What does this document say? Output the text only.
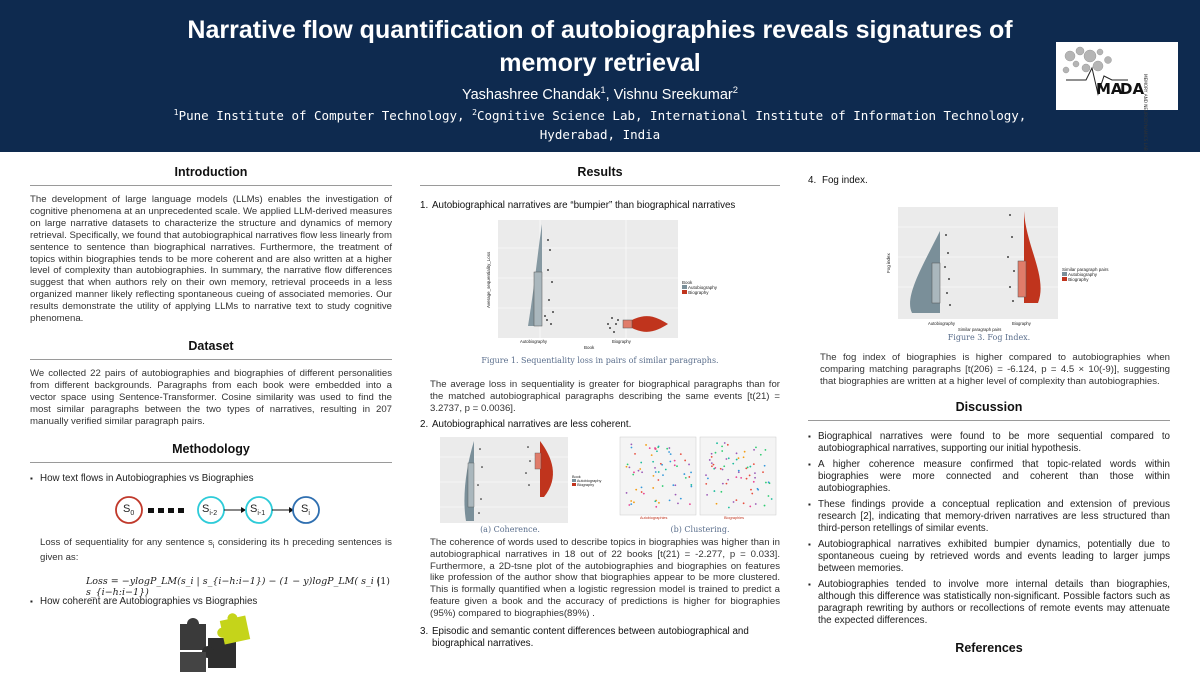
Narrative flow quantification of autobiographies reveals signatures of memory retrieval
Yashashree Chandak$^1$, Vishnu Sreekumar$^2$
$^1$Pune Institute of Computer Technology, $^2$Cognitive Science Lab, International Institute of Information Technology, Hyderabad, India
MA
DA
MEMORY AND NEURODYNAMICS LAB
Introduction
The development of large language models (LLMs) enables the investigation of cognitive phenomena at an unprecedented scale. We applied LLM-derived measures on large narrative datasets to characterize the structure and dynamics of memory retrieval. Specifically, we found that autobiographical narratives flow less linearly from sentence to sentence than biographical narratives. Furthermore, the treatment of topics within biographies tends to be more coherent and are also written at a higher level of complexity than autobiographies. In summary, the narrative flow differences suggest that when authors rely on their own memory, retrieval proceeds in a less organized manner likely reflecting spontaneous cueing of associated memories. Our results demonstrate the utility of applying LLMs to narrative text to study cognitive phenomena.
Dataset
We collected 22 pairs of autobiographies and biographies of different personalities from different backgrounds. Paragraphs from each book were embedded into a vector space using Sentence-Transformer. Cosine similarity was used to find the most similar paragraphs between the two types of narratives, resulting in 207 manually verified similar paragraph pairs.
Methodology
▪ How text flows in Autobiographies vs Biographies
$S_0$	$S_{i-2}$	$S_{i-1}$	$S_i$
Loss of sequentiality for any sentence $s_i$ considering its h preceding sentences is given as:
Loss = −ylogP_LM(s_i | s_{i−h:i−1}) − (1 − y)logP_LM( s_i | s_{i−h:i−1})
(1)
▪ How coherent are Autobiographies vs Biographies
Results
1. Autobiographical narratives are “bumpier” than biographical narratives
Average_sequentiality_Loss
Autobiography	Biography
Book
Book
Autobiography
Biography
Figure 1. Sequentiality loss in pairs of similar paragraphs.
The average loss in sequentiality is greater for biographical paragraphs than for the matched autobiographical paragraphs describing the same events [t(21) = 3.2737, p = 0.0036].
2. Autobiographical narratives are less coherent.
Book
Autobiography
Biography
Autobiographies	Biographies
(a) Coherence.	(b) Clustering.
The coherence of words used to describe topics in biographies was higher than in autobiographical narratives in 18 out of 22 books [t(21) = -2.277, p = 0.033]. Furthermore, a 2D-tsne plot of the autobiographies and biographies on features like profession of the author show that biographies appear to be more clustered. This is formally quantified when a logistic regression model is trained to predict a feature given a book and the accuracy of predictions is higher for biographies (95%) compared to biographies(89%) .
3. Episodic and semantic content differences between autobiographical and biographical narratives.
4. Fog index.
Fog index
Autobiography	Biography
Similar paragraph pairs
Similar paragraph pairs
Autobiography
Biography
Figure 3. Fog Index.
The fog index of biographies is higher compared to autobiographies when comparing matching paragraphs [t(206) = -6.124, p = 4.5 × 10(-9)], suggesting that biographies are written at a higher level of complexity than autobiographies.
Discussion
▪ Biographical narratives were found to be more sequential compared to autobiographical narratives, supporting our initial hypothesis.
▪ A higher coherence measure confirmed that topic-related words within biographies were more connected and coherent than those within autobiographies.
▪ These findings provide a conceptual replication and extension of previous research [2], indicating that memory-driven narratives are less structured than third-person retellings of similar events.
▪ Autobiographical narratives exhibited bumpier dynamics, potentially due to spontaneous cueing by retrieved words and events leading to larger jumps between memories.
▪ Autobiographies tended to involve more internal details than biographies, although this difference was statistically non-significant. Possible factors such as paragraph rewriting by authors or recollections of remote events may attenuate the expected differences.
References
